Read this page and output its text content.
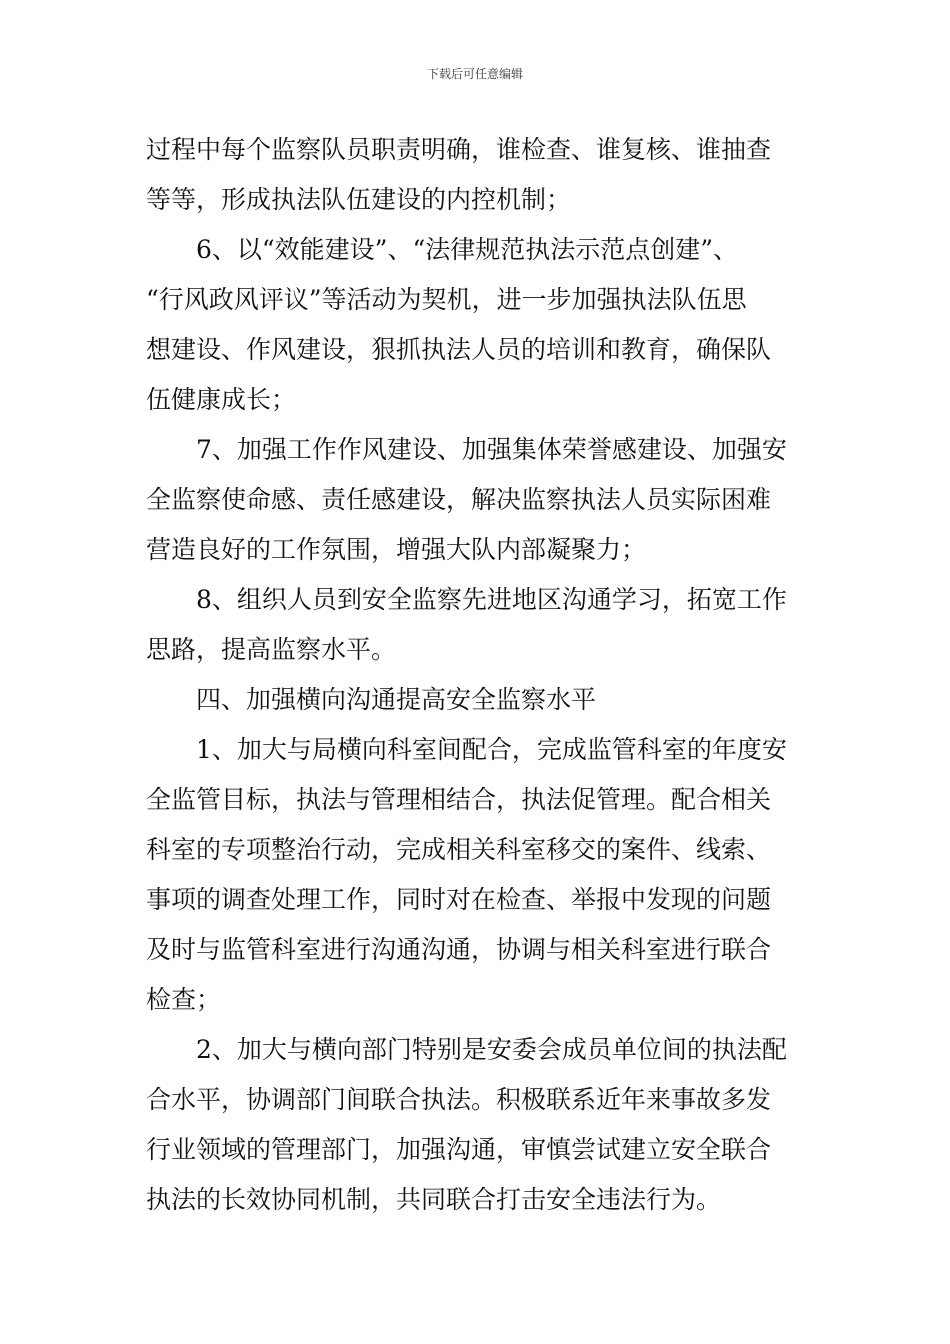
下载后可任意编辑
过程中每个监察队员职责明确，谁检查、谁复核、谁抽查
等等，形成执法队伍建设的内控机制；
6、以“效能建设”、“法律规范执法示范点创建”、
“行风政风评议”等活动为契机，进一步加强执法队伍思
想建设、作风建设，狠抓执法人员的培训和教育，确保队
伍健康成长；
7、加强工作作风建设、加强集体荣誉感建设、加强安
全监察使命感、责任感建设，解决监察执法人员实际困难
营造良好的工作氛围，增强大队内部凝聚力；
8、组织人员到安全监察先进地区沟通学习，拓宽工作
思路，提高监察水平。
四、加强横向沟通提高安全监察水平
1、加大与局横向科室间配合，完成监管科室的年度安
全监管目标，执法与管理相结合，执法促管理。配合相关
科室的专项整治行动，完成相关科室移交的案件、线索、
事项的调查处理工作，同时对在检查、举报中发现的问题
及时与监管科室进行沟通沟通，协调与相关科室进行联合
检查；
2、加大与横向部门特别是安委会成员单位间的执法配
合水平，协调部门间联合执法。积极联系近年来事故多发
行业领域的管理部门，加强沟通，审慎尝试建立安全联合
执法的长效协同机制，共同联合打击安全违法行为。
